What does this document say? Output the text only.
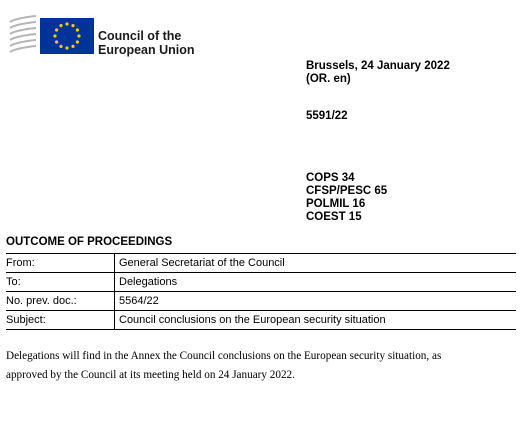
Council of the
European Union
Brussels, 24 January 2022
(OR. en)
5591/22
COPS 34
CFSP/PESC 65
POLMIL 16
COEST 15
OUTCOME OF PROCEEDINGS
From:	General Secretariat of the Council
To:	Delegations
No. prev. doc.:	5564/22
Subject:	Council conclusions on the European security situation
Delegations will find in the Annex the Council conclusions on the European security situation, as
approved by the Council at its meeting held on 24 January 2022.
